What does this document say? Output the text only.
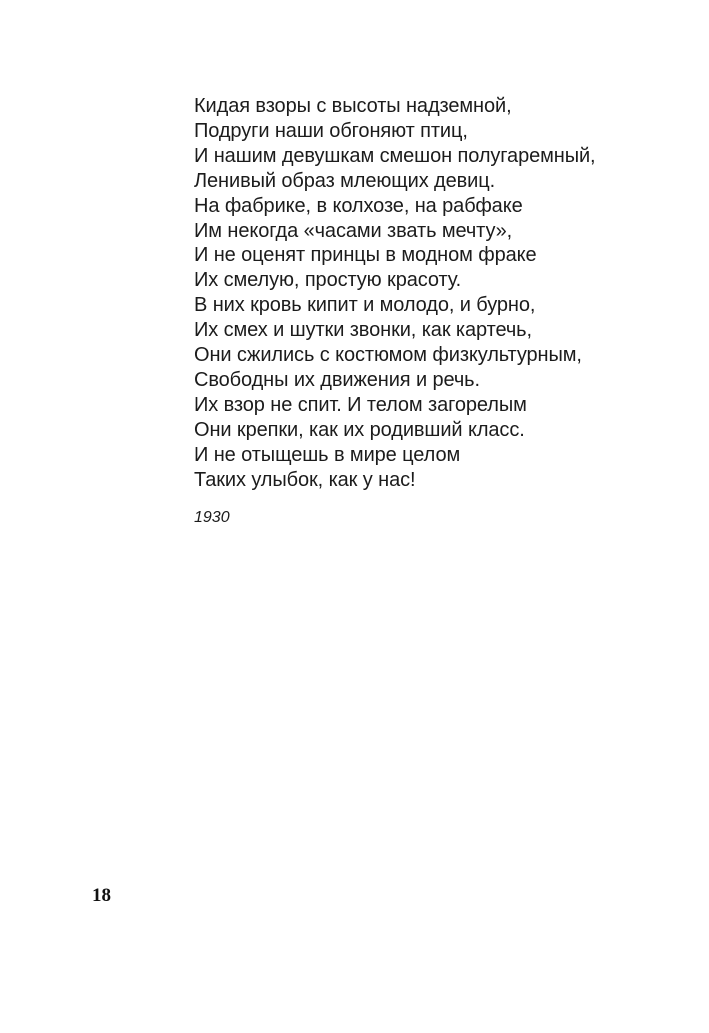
Кидая взоры с высоты надземной,
Подруги наши обгоняют птиц,
И нашим девушкам смешон полугаремный,
Ленивый образ млеющих девиц.
На фабрике, в колхозе, на рабфаке
Им некогда «часами звать мечту»,
И не оценят принцы в модном фраке
Их смелую, простую красоту.
В них кровь кипит и молодо, и бурно,
Их смех и шутки звонки, как картечь,
Они сжились с костюмом физкультурным,
Свободны их движения и речь.
Их взор не спит. И телом загорелым
Они крепки, как их родивший класс.
И не отыщешь в мире целом
Таких улыбок, как у нас!
1930
18
